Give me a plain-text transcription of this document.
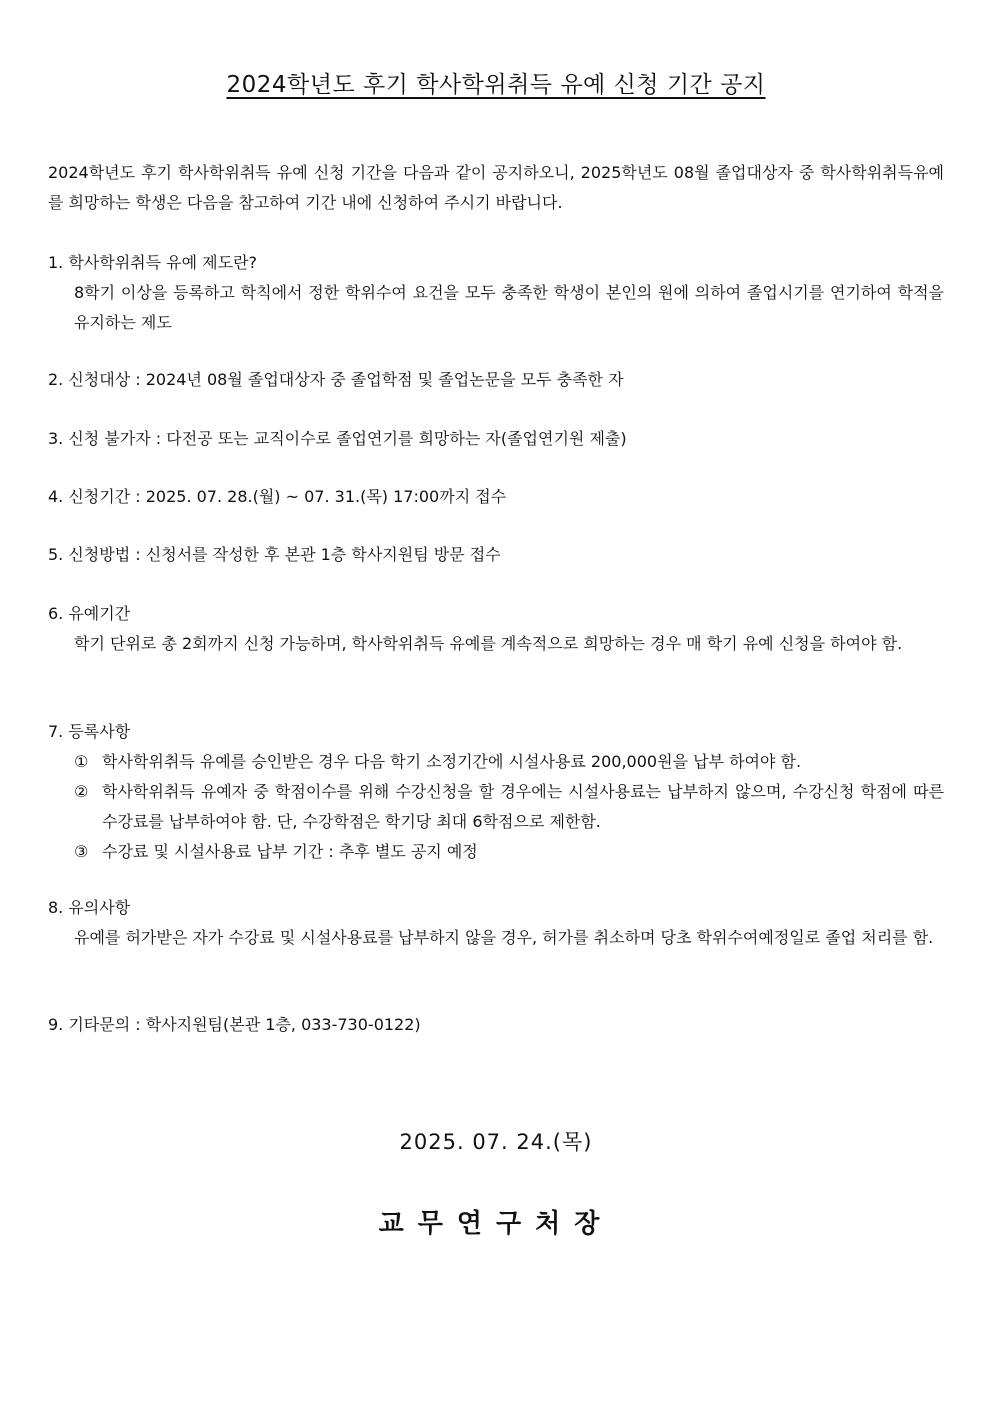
2024학년도 후기 학사학위취득 유예 신청 기간 공지
2024학년도 후기 학사학위취득 유예 신청 기간을 다음과 같이 공지하오니, 2025학년도 08월 졸업대상자 중 학사학위취득유예를 희망하는 학생은 다음을 참고하여 기간 내에 신청하여 주시기 바랍니다.
1. 학사학위취득 유예 제도란?
8학기 이상을 등록하고 학칙에서 정한 학위수여 요건을 모두 충족한 학생이 본인의 원에 의하여 졸업시기를 연기하여 학적을 유지하는 제도
2. 신청대상 : 2024년 08월 졸업대상자 중 졸업학점 및 졸업논문을 모두 충족한 자
3. 신청 불가자 : 다전공 또는 교직이수로 졸업연기를 희망하는 자(졸업연기원 제출)
4. 신청기간 : 2025. 07. 28.(월) ~ 07. 31.(목) 17:00까지 접수
5. 신청방법 : 신청서를 작성한 후 본관 1층 학사지원팀 방문 접수
6. 유예기간
학기 단위로 총 2회까지 신청 가능하며, 학사학위취득 유예를 계속적으로 희망하는 경우 매 학기 유예 신청을 하여야 함.
7. 등록사항
① 학사학위취득 유예를 승인받은 경우 다음 학기 소정기간에 시설사용료 200,000원을 납부 하여야 함.
② 학사학위취득 유예자 중 학점이수를 위해 수강신청을 할 경우에는 시설사용료는 납부하지 않으며, 수강신청 학점에 따른 수강료를 납부하여야 함. 단, 수강학점은 학기당 최대 6학점으로 제한함.
③ 수강료 및 시설사용료 납부 기간 : 추후 별도 공지 예정
8. 유의사항
유예를 허가받은 자가 수강료 및 시설사용료를 납부하지 않을 경우, 허가를 취소하며 당초 학위수여예정일로 졸업 처리를 함.
9. 기타문의 : 학사지원팀(본관 1층, 033-730-0122)
2025. 07. 24.(목)
교무연구처장
